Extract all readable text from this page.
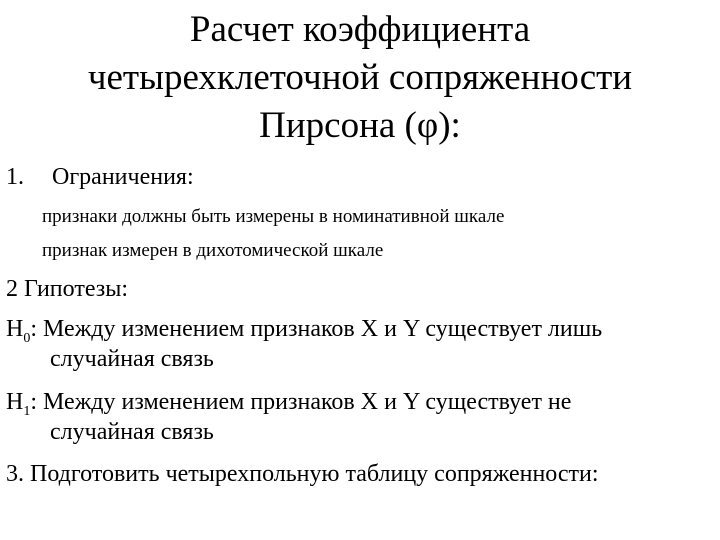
Расчет коэффициента
четырехклеточной сопряженности
Пирсона (φ):
1. Ограничения:
признаки должны быть измерены в номинативной шкале
признак измерен в дихотомической шкале
2 Гипотезы:
$H_0$: Между изменением признаков X и Y существует лишь
случайная связь
$H_1$: Между изменением признаков X и Y существует не
случайная связь
3. Подготовить четырехпольную таблицу сопряженности:
